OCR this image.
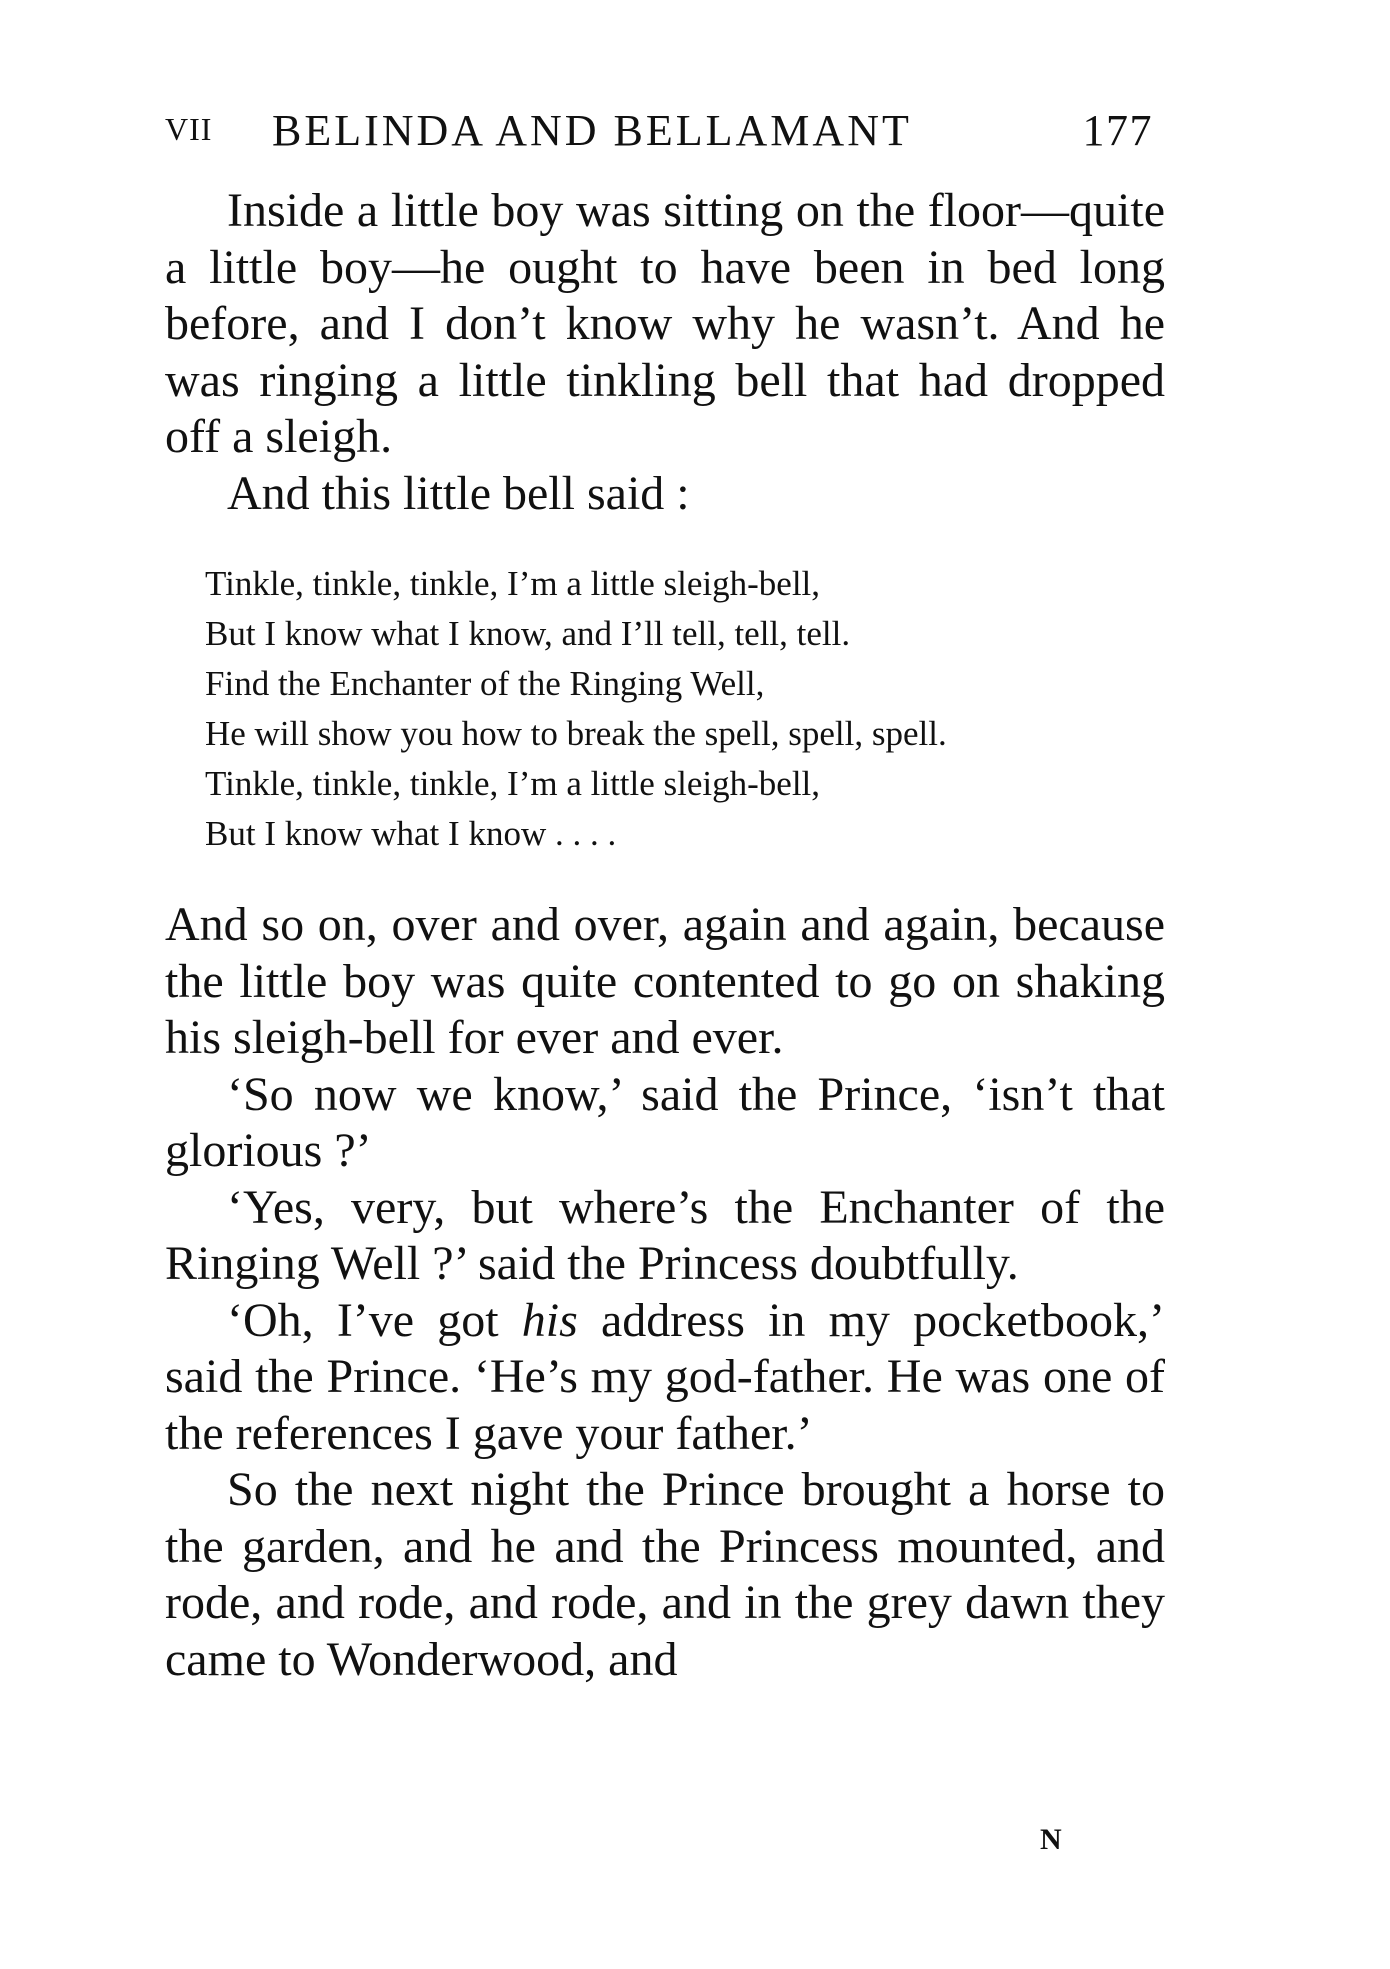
VII BELINDA AND BELLAMANT	177

Inside a little boy was sitting on the floor—quite a little boy—he ought to have been in bed long before, and I don’t know why he wasn’t. And he was ringing a little tinkling bell that had dropped off a sleigh.

And this little bell said :

Tinkle, tinkle, tinkle, I’m a little sleigh-bell,
But I know what I know, and I’ll tell, tell, tell.
Find the Enchanter of the Ringing Well,
He will show you how to break the spell, spell, spell.
Tinkle, tinkle, tinkle, I’m a little sleigh-bell,
But I know what I know . . . .

And so on, over and over, again and again, because the little boy was quite contented to go on shaking his sleigh-bell for ever and ever.

‘So now we know,’ said the Prince, ‘isn’t that glorious ?’

‘Yes, very, but where’s the Enchanter of the Ringing Well ?’ said the Princess doubtfully.

‘Oh, I’ve got his address in my pocketbook,’ said the Prince. ‘He’s my god-father. He was one of the references I gave your father.’

So the next night the Prince brought a horse to the garden, and he and the Princess mounted, and rode, and rode, and rode, and in the grey dawn they came to Wonderwood, and

N
